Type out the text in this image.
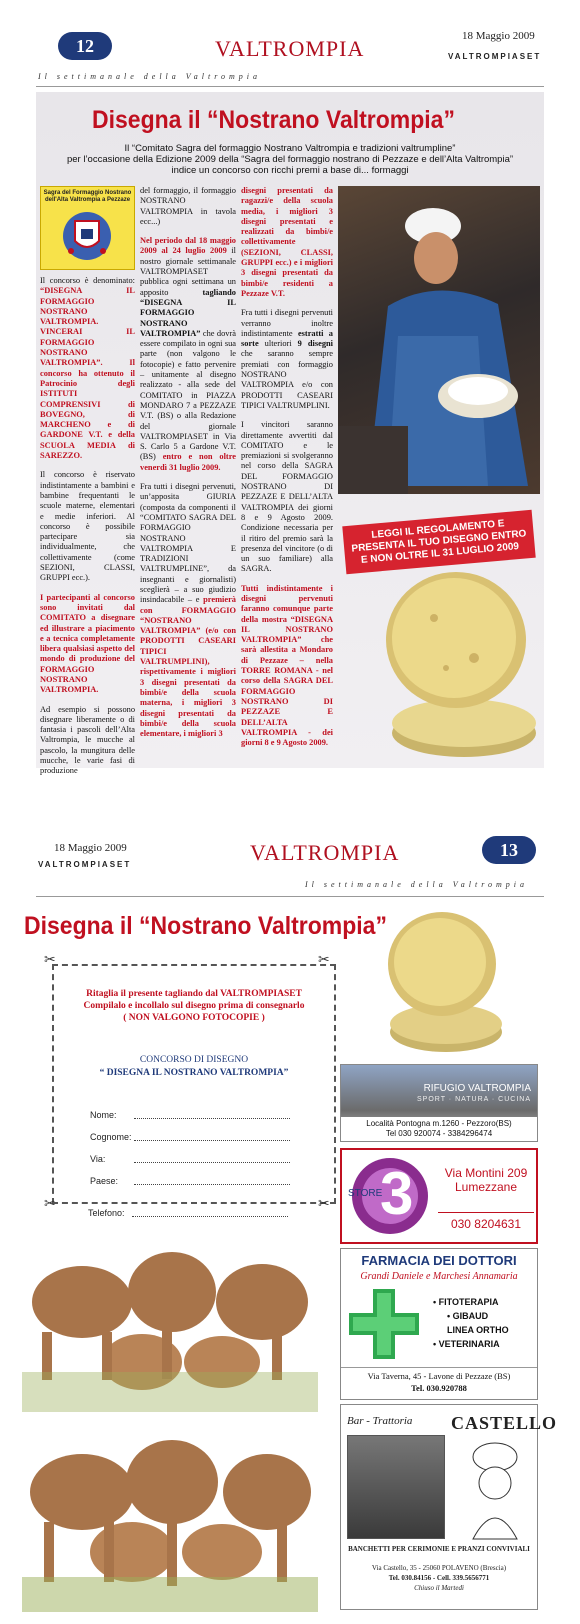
12	VALTROMPIA	18 Maggio 2009
VALTROMPIASET
Il settimanale della Valtrompia
Disegna il “Nostrano Valtrompia”
Il “Comitato Sagra del formaggio Nostrano Valtrompia e tradizioni valtrumpline”
per l’occasione della Edizione 2009 della “Sagra del formaggio nostrano di Pezzaze e dell’Alta Valtrompia”
indice un concorso con ricchi premi a base di... formaggi
Sagra del Formaggio Nostrano dell'Alta Valtrompia a Pezzaze

Il concorso è denominato: “DISEGNA IL FORMAGGIO NOSTRANO VALTROMPIA. VINCERAI IL FORMAGGIO NOSTRANO VALTROMPIA”. Il concorso ha ottenuto il Patrocinio degli ISTITUTI COMPRENSIVI di BOVEGNO, di MARCHENO e di GARDONE V.T. e della SCUOLA MEDIA di SAREZZO.

Il concorso è riservato indistintamente a bambini e bambine frequentanti le scuole materne, elementari e medie inferiori. Al concorso è possibile partecipare sia individualmente, che collettivamente (come SEZIONI, CLASSI, GRUPPI ecc.).

I partecipanti al concorso sono invitati dal COMITATO a disegnare ed illustrare a piacimento e a tecnica completamente libera qualsiasi aspetto del mondo di produzione del FORMAGGIO NOSTRANO VALTROMPIA.

Ad esempio si possono disegnare liberamente o di fantasia i pascoli dell’Alta Valtrompia, le mucche al pascolo, la mungitura delle mucche, le varie fasi di produzione

del formaggio, il formaggio NOSTRANO VALTROMPIA in tavola ecc...)

Nel periodo dal 18 maggio 2009 al 24 luglio 2009 il nostro giornale settimanale VALTROMPIASET pubblica ogni settimana un apposito tagliando “DISEGNA IL FORMAGGIO NOSTRANO VALTROMPIA” che dovrà essere compilato in ogni sua parte (non valgono le fotocopie) e fatto pervenire – unitamente al disegno realizzato - alla sede del COMITATO in PIAZZA MONDARO 7 a PEZZAZE V.T. (BS) o alla Redazione del giornale VALTROMPIASET in Via S. Carlo 5 a Gardone V.T. (BS) entro e non oltre venerdì 31 luglio 2009.

Fra tutti i disegni pervenuti, un’apposita GIURIA (composta da componenti il “COMITATO SAGRA DEL FORMAGGIO NOSTRANO VALTROMPIA E TRADIZIONI VALTRUMPLINE”, da insegnanti e giornalisti) sceglierà – a suo giudizio insindacabile – e premierà con FORMAGGIO “NOSTRANO VALTROMPIA” (e/o con PRODOTTI CASEARI TIPICI VALTRUMPLINI), rispettivamente i migliori 3 disegni presentati da bimbi/e della scuola materna, i migliori 3 disegni presentati da bimbi/e della scuola elementare, i migliori 3

disegni presentati da ragazzi/e della scuola media, i migliori 3 disegni presentati e realizzati da bimbi/e collettivamente (SEZIONI, CLASSI, GRUPPI ecc.) e i migliori 3 disegni presentati da bimbi/e residenti a Pezzaze V.T.

Fra tutti i disegni pervenuti verranno inoltre indistintamente estratti a sorte ulteriori 9 disegni che saranno sempre premiati con formaggio NOSTRANO VALTROMPIA e/o con PRODOTTI CASEARI TIPICI VALTRUMPLINI.

I vincitori saranno direttamente avvertiti dal COMITATO e le premiazioni si svolgeranno nel corso della SAGRA DEL FORMAGGIO NOSTRANO DI PEZZAZE E DELL’ALTA VALTROMPIA dei giorni 8 e 9 Agosto 2009. Condizione necessaria per il ritiro del premio sarà la presenza del vincitore (o di un suo familiare) alla SAGRA.

Tutti indistintamente i disegni pervenuti faranno comunque parte della mostra “DISEGNA IL NOSTRANO VALTROMPIA” che sarà allestita a Mondaro di Pezzaze – nella TORRE ROMANA - nel corso della SAGRA DEL FORMAGGIO NOSTRANO DI PEZZAZE E DELL’ALTA VALTROMPIA - dei giorni 8 e 9 Agosto 2009.

LEGGI IL REGOLAMENTO E PRESENTA IL TUO DISEGNO ENTRO E NON OLTRE IL 31 LUGLIO 2009
18 Maggio 2009
VALTROMPIASET	VALTROMPIA	13
Il settimanale della Valtrompia
Disegna il “Nostrano Valtrompia”
Ritaglia il presente tagliando dal VALTROMPIASET
Compilalo e incollalo sul disegno prima di consegnarlo
( NON VALGONO FOTOCOPIE )
CONCORSO DI DISEGNO
“ DISEGNA IL NOSTRANO VALTROMPIA”
Nome:
Cognome:
Via:
Paese:
Telefono:
✂	✂
✂	✂
RIFUGIO VALTROMPIA
SPORT · NATURA · CUCINA
Località Pontogna m.1260 - Pezzoro(BS)
Tel 030 920074 - 3384296474
STORE
3	Via Montini 209
Lumezzane
030 8204631
FARMACIA DEI DOTTORI
Grandi Daniele e Marchesi Annamaria
• FITOTERAPIA
• GIBAUD
LINEA ORTHO
• VETERINARIA
Via Taverna, 45 - Lavone di Pezzaze (BS)
Tel. 030.920788
Bar - Trattoria CASTELLO
BANCHETTI PER CERIMONIE E PRANZI CONVIVIALI
Via Castello, 35 - 25060 POLAVENO (Brescia)
Tel. 030.84156 - Cell. 339.5656771
Chiuso il Martedì
